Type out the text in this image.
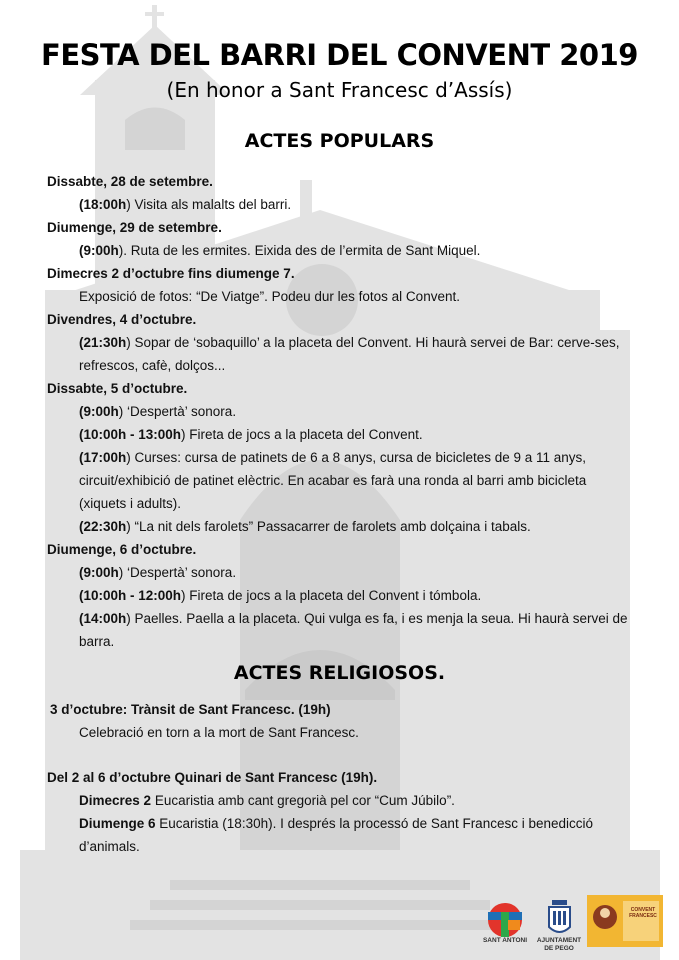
FESTA DEL BARRI DEL CONVENT 2019
(En honor a Sant Francesc d’Assís)
ACTES POPULARS
Dissabte, 28 de setembre.
(18:00h) Visita als malalts del barri.
Diumenge, 29 de setembre.
(9:00h). Ruta de les ermites. Eixida des de l’ermita de Sant Miquel.
Dimecres 2 d’octubre fins diumenge 7.
Exposició de fotos: “De Viatge”. Podeu dur les fotos al Convent.
Divendres, 4 d’octubre.
(21:30h) Sopar de ‘sobaquillo’ a la placeta del Convent. Hi haurà servei de Bar: cerve-ses, refrescos, cafè, dolços...
Dissabte, 5 d’octubre.
(9:00h) ‘Despertà’ sonora.
(10:00h - 13:00h) Fireta de jocs a la placeta del Convent.
(17:00h) Curses: cursa de patinets de 6 a 8 anys, cursa de bicicletes de 9 a 11 anys, circuit/exhibició de patinet elèctric. En acabar es farà una ronda al barri amb bicicleta (xiquets i adults).
(22:30h) “La nit dels farolets” Passacarrer de farolets amb dolçaina i tabals.
Diumenge, 6 d’octubre.
(9:00h) ‘Despertà’ sonora.
(10:00h - 12:00h) Fireta de jocs a la placeta del Convent i tómbola.
(14:00h) Paelles. Paella a la placeta. Qui vulga es fa, i es menja la seua. Hi haurà servei de barra.
ACTES RELIGIOSOS.
3 d’octubre: Trànsit de Sant Francesc. (19h)
Celebració en torn a la mort de Sant Francesc.
Del 2 al 6 d’octubre Quinari de Sant Francesc (19h).
Dimecres 2 Eucaristia amb cant gregorià pel cor “Cum Júbilo”.
Diumenge 6 Eucaristia (18:30h). I després la processó de Sant Francesc i benedicció d’animals.
SANT ANTONI	AJUNTAMENT
DE PEGO
CONVENT
FRANCESC
